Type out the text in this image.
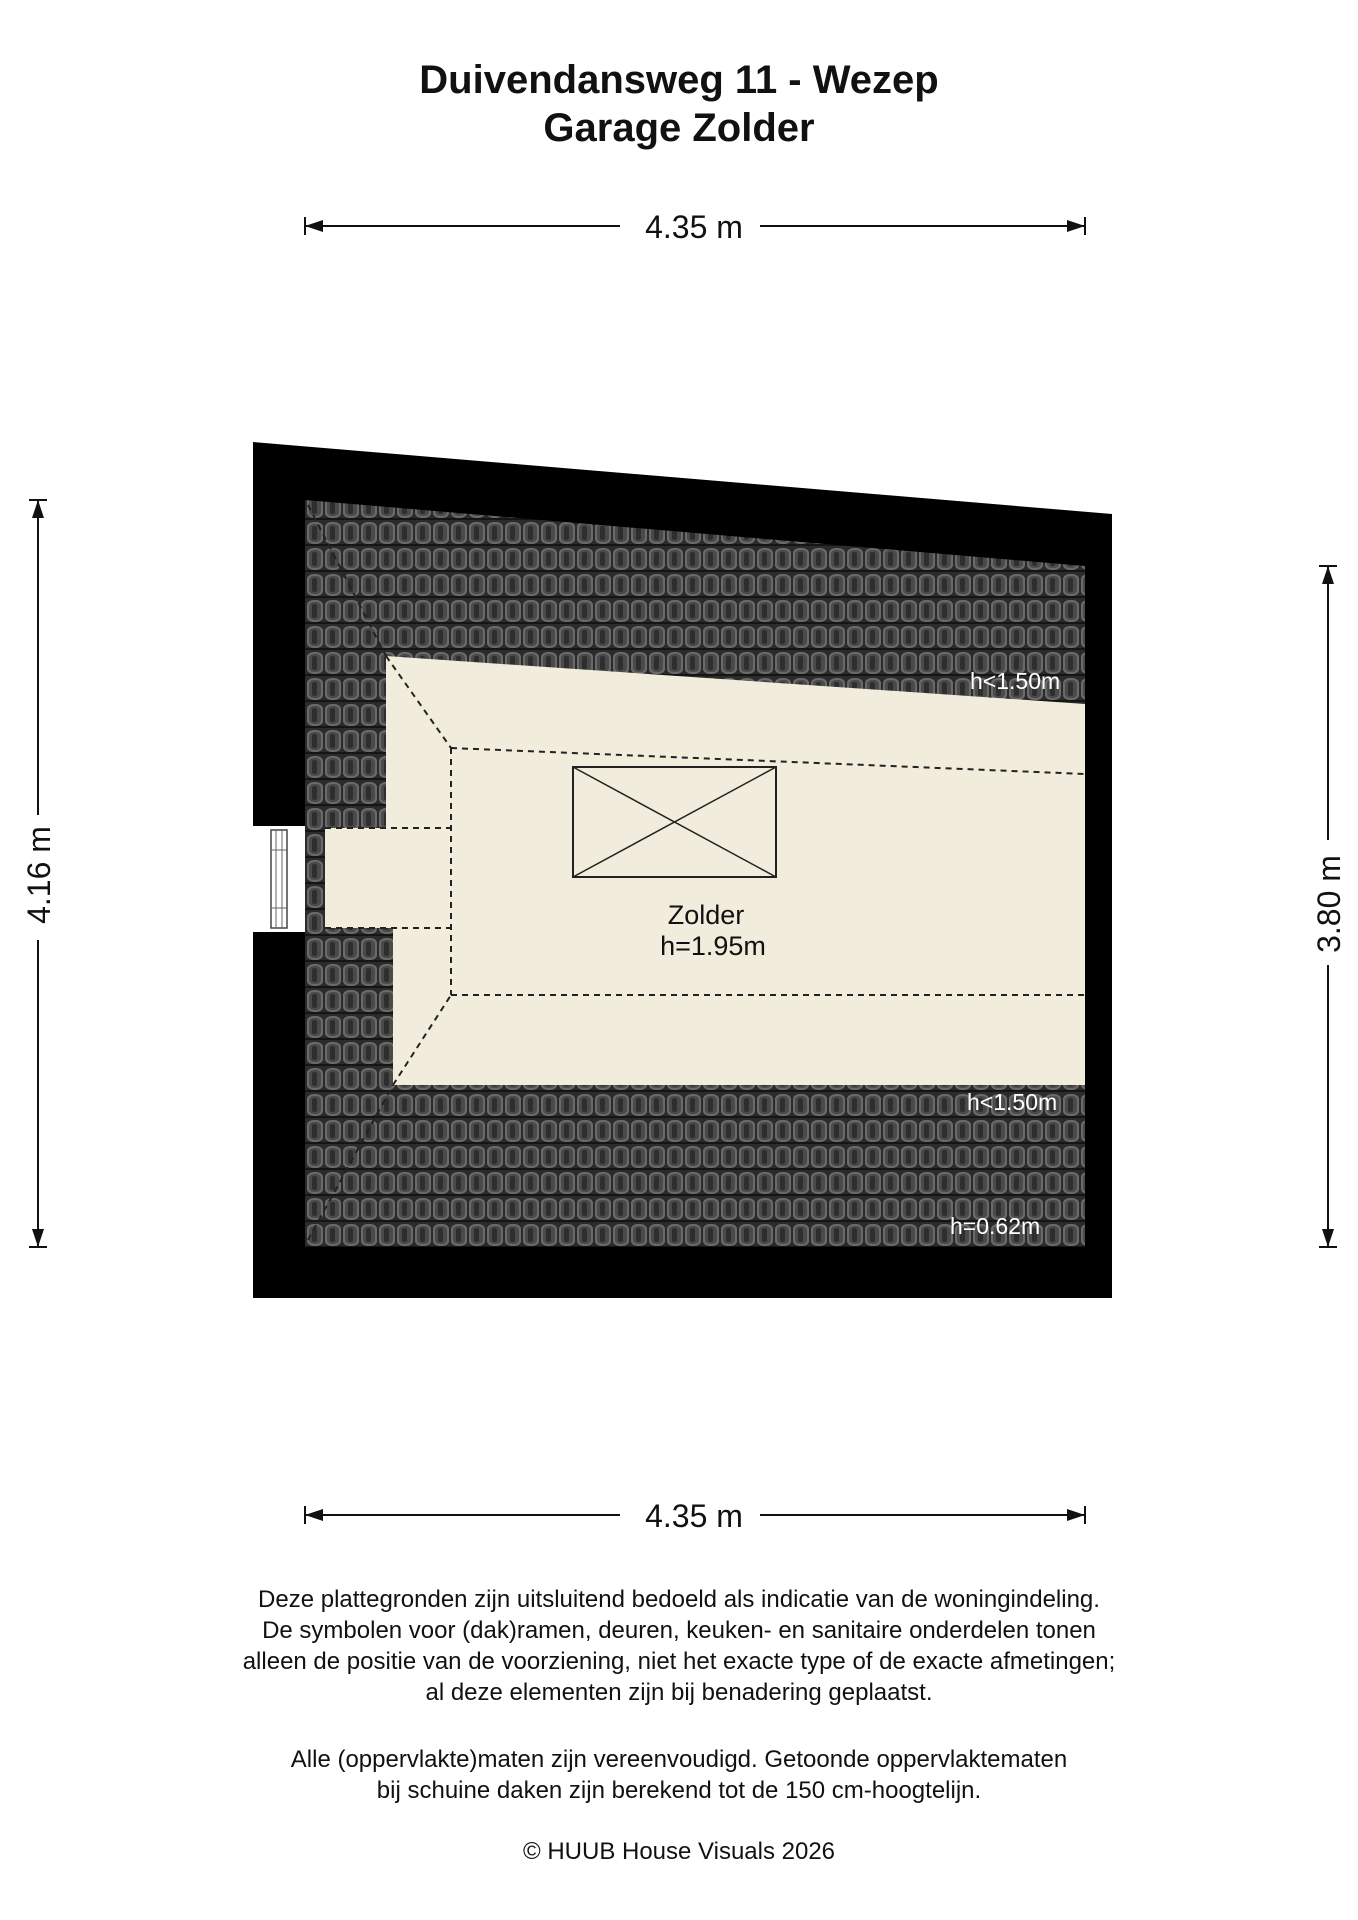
Duivendansweg 11 - Wezep
Garage Zolder
4.35 m
4.35 m
4.16 m	3.80 m
Zolder
h=1.95m
h<1.50m
h<1.50m
h=0.62m
Deze plattegronden zijn uitsluitend bedoeld als indicatie van de woningindeling.
De symbolen voor (dak)ramen, deuren, keuken- en sanitaire onderdelen tonen
alleen de positie van de voorziening, niet het exacte type of de exacte afmetingen;
al deze elementen zijn bij benadering geplaatst.
Alle (oppervlakte)maten zijn vereenvoudigd. Getoonde oppervlaktematen
bij schuine daken zijn berekend tot de 150 cm-hoogtelijn.
© HUUB House Visuals 2026
